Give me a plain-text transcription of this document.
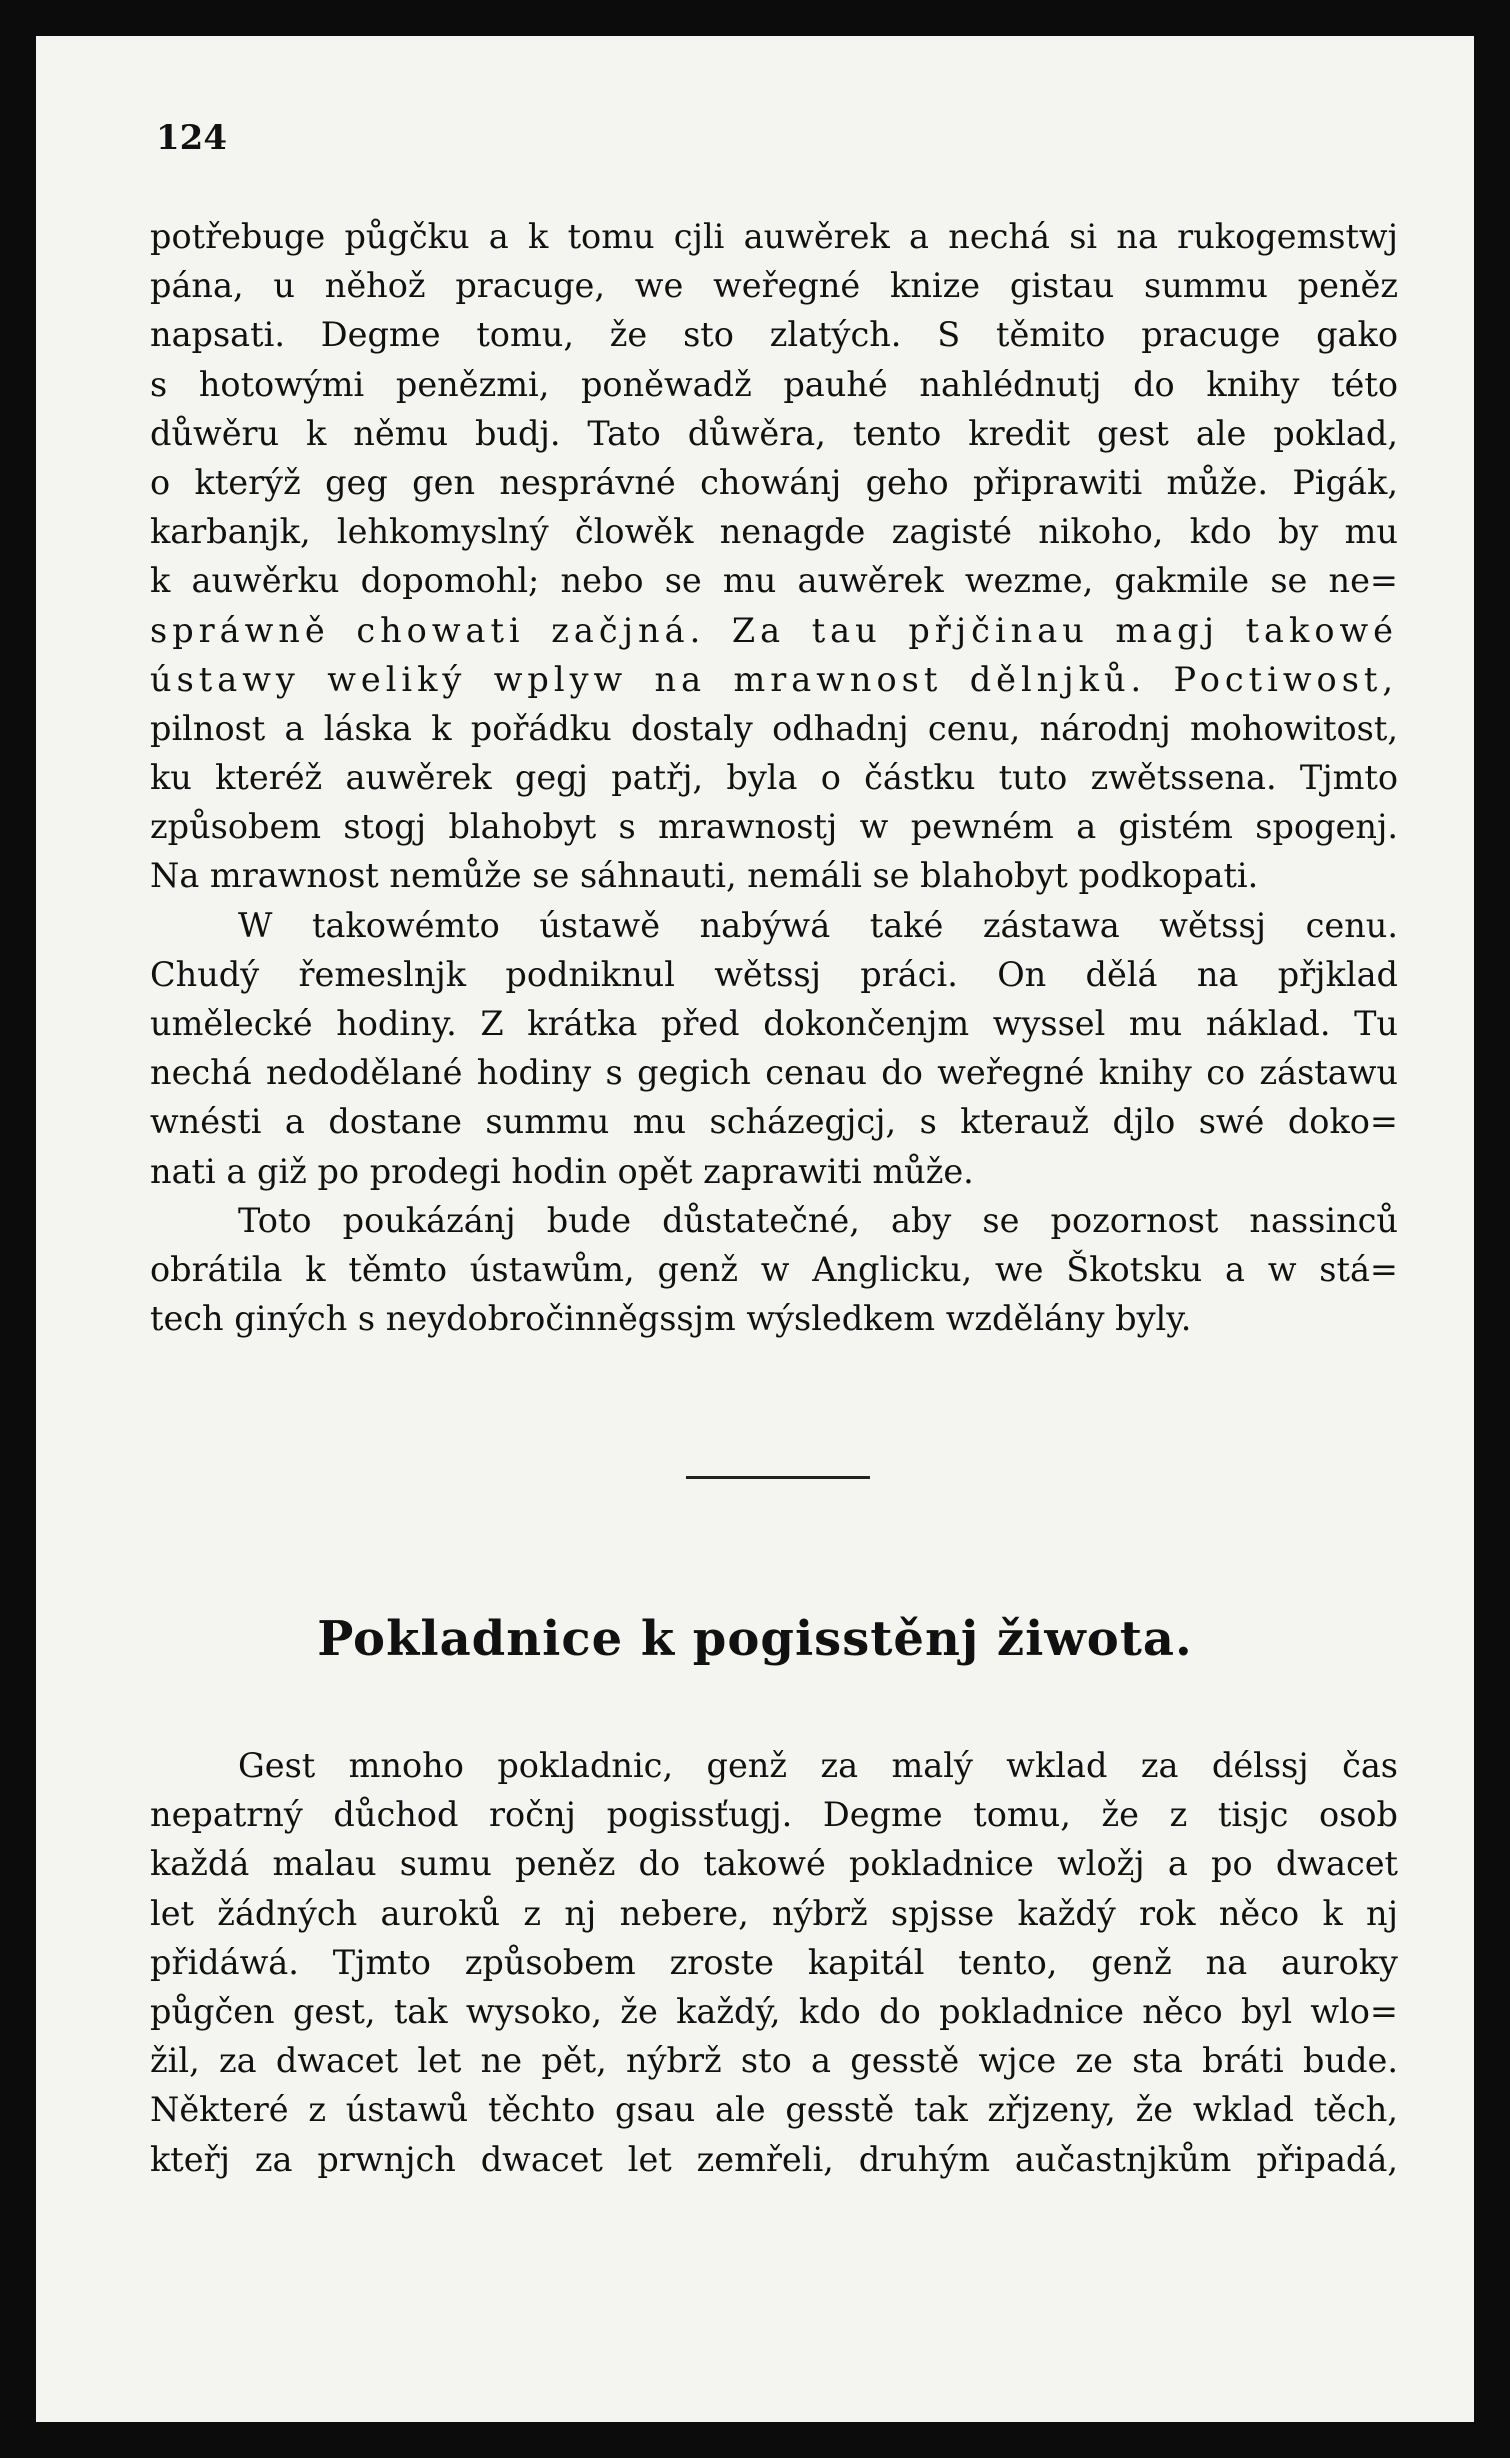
124

potřebuge půgčku a k tomu cjli auwěrek a nechá si na rukogemstwj
pána, u něhož pracuge, we weřegné knize gistau summu peněz
napsati. Degme tomu, že sto zlatých. S těmito pracuge gako
s hotowými penězmi, poněwadž pauhé nahlédnutj do knihy této
důwěru k němu budj. Tato důwěra, tento kredit gest ale poklad,
o kterýž geg gen nesprávné chowánj geho připrawiti může. Pigák,
karbanjk, lehkomyslný člowěk nenagde zagisté nikoho, kdo by mu
k auwěrku dopomohl; nebo se mu auwěrek wezme, gakmile se ne=
spráwně chowati začjná. Za tau přjčinau magj takowé
ústawy weliký wplyw na mrawnost dělnjků. Poctiwost,
pilnost a láska k pořádku dostaly odhadnj cenu, národnj mohowitost,
ku kteréž auwěrek gegj patřj, byla o částku tuto zwětssena. Tjmto
způsobem stogj blahobyt s mrawnostj w pewném a gistém spogenj.
Na mrawnost nemůže se sáhnauti, nemáli se blahobyt podkopati.
W takowémto ústawě nabýwá také zástawa wětssj cenu.
Chudý řemeslnjk podniknul wětssj práci. On dělá na přjklad
umělecké hodiny. Z krátka před dokončenjm wyssel mu náklad. Tu
nechá nedodělané hodiny s gegich cenau do weřegné knihy co zástawu
wnésti a dostane summu mu scházegjcj, s kterauž djlo swé doko=
nati a giž po prodegi hodin opět zaprawiti může.
Toto poukázánj bude důstatečné, aby se pozornost nassinců
obrátila k těmto ústawům, genž w Anglicku, we Škotsku a w stá=
tech giných s neydobročinněgssjm wýsledkem wzdělány byly.
Pokladnice k pogisstěnj žiwota.
Gest mnoho pokladnic, genž za malý wklad za délssj čas
nepatrný důchod ročnj pogissťugj. Degme tomu, že z tisjc osob
každá malau sumu peněz do takowé pokladnice wložj a po dwacet
let žádných auroků z nj nebere, nýbrž spjsse každý rok něco k nj
přidáwá. Tjmto způsobem zroste kapitál tento, genž na auroky
půgčen gest, tak wysoko, že každý, kdo do pokladnice něco byl wlo=
žil, za dwacet let ne pět, nýbrž sto a gesstě wjce ze sta bráti bude.
Některé z ústawů těchto gsau ale gesstě tak zřjzeny, že wklad těch,
kteřj za prwnjch dwacet let zemřeli, druhým aučastnjkům připadá,
